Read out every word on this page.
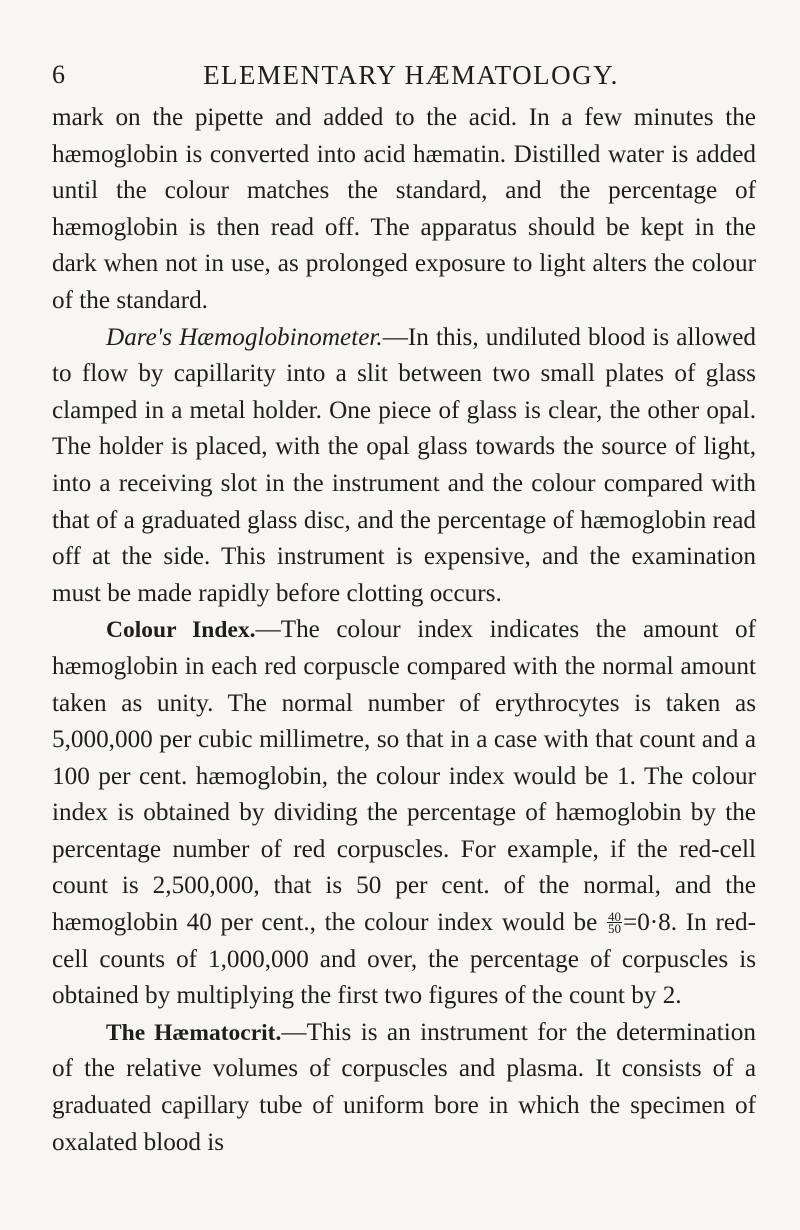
6	ELEMENTARY HÆMATOLOGY.

mark on the pipette and added to the acid. In a few minutes the hæmoglobin is converted into acid hæmatin. Distilled water is added until the colour matches the standard, and the percentage of hæmoglobin is then read off. The apparatus should be kept in the dark when not in use, as prolonged exposure to light alters the colour of the standard.

Dare's Hæmoglobinometer.—In this, undiluted blood is allowed to flow by capillarity into a slit between two small plates of glass clamped in a metal holder. One piece of glass is clear, the other opal. The holder is placed, with the opal glass towards the source of light, into a receiving slot in the instrument and the colour compared with that of a graduated glass disc, and the percentage of hæmoglobin read off at the side. This instrument is expensive, and the examination must be made rapidly before clotting occurs.

Colour Index.—The colour index indicates the amount of hæmoglobin in each red corpuscle compared with the normal amount taken as unity. The normal number of erythrocytes is taken as 5,000,000 per cubic millimetre, so that in a case with that count and a 100 per cent. hæmoglobin, the colour index would be 1. The colour index is obtained by dividing the percentage of hæmoglobin by the percentage number of red corpuscles. For example, if the red-cell count is 2,500,000, that is 50 per cent. of the normal, and the hæmoglobin 40 per cent., the colour index would be $\frac{40}{50} =0\cdot 8$. In red-cell counts of 1,000,000 and over, the percentage of corpuscles is obtained by multiplying the first two figures of the count by 2.

The Hæmatocrit.—This is an instrument for the determination of the relative volumes of corpuscles and plasma. It consists of a graduated capillary tube of uniform bore in which the specimen of oxalated blood is
